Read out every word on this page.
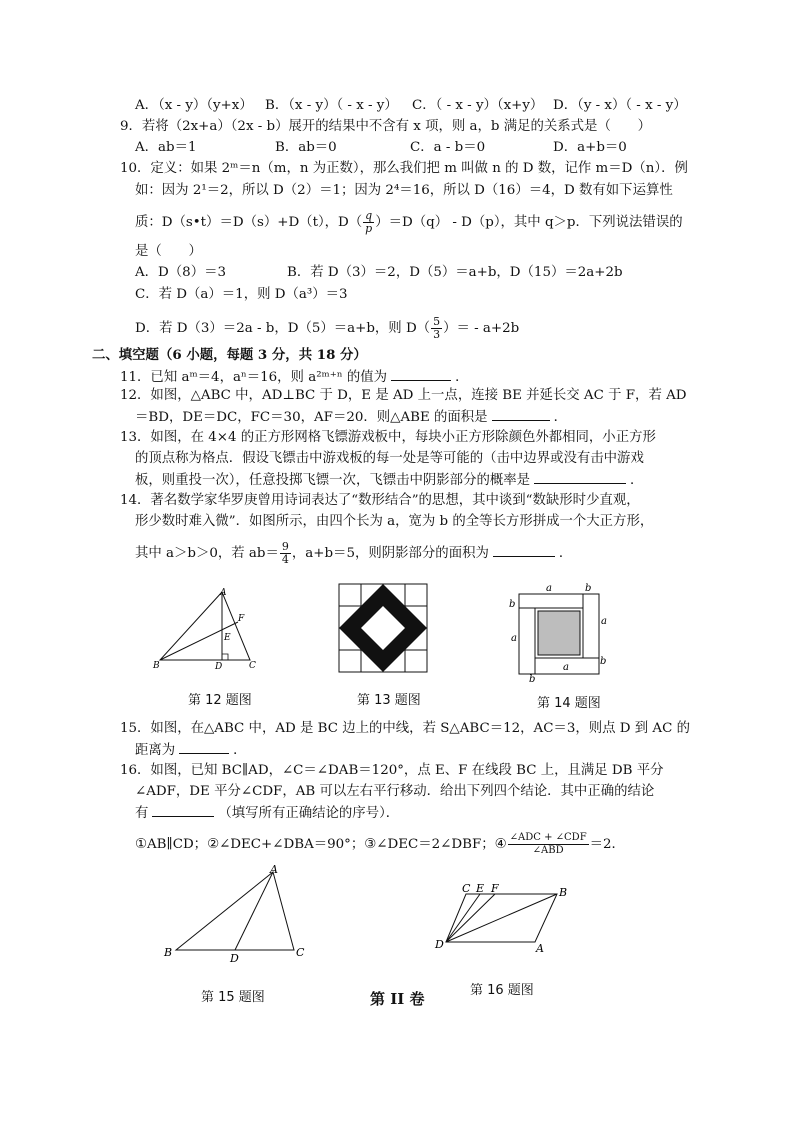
A．（x - y）（y+x） B．（x - y）（ - x - y） C．（ - x - y）（x+y） D．（y - x）（ - x - y）
9．若将（2x+a）（2x - b）展开的结果中不含有 x 项，则 a，b 满足的关系式是（　　）
A．ab＝1	B．ab＝0	C．a - b＝0	D．a+b＝0
10．定义：如果 2ᵐ＝n（m，n 为正数），那么我们把 m 叫做 n 的 D 数，记作 m＝D（n）．例
如：因为 2¹＝2，所以 D（2）＝1；因为 2⁴＝16，所以 D（16）＝4，D 数有如下运算性
质：D（s•t）＝D（s）+D（t），$D( \frac{q}{p} )=D(q) - D(p)$，其中 q＞p．下列说法错误的
是（　　）
A．D（8）＝3	B．若 D（3）＝2，D（5）＝a+b，D（15）＝2a+2b
C．若 D（a）＝1，则 D（a³）＝3
D．若 D（3）＝2a - b，D（5）＝a+b，则 $D( \frac{5}{3}$ ）＝ - a+2b
二、填空题（6 小题，每题 3 分，共 18 分）
11．已知 aᵐ＝4，aⁿ＝16，则 a²ᵐ⁺ⁿ 的值为	．
12．如图，△ABC 中，AD⊥BC 于 D，E 是 AD 上一点，连接 BE 并延长交 AC 于 F，若 AD
＝BD，DE＝DC，FC＝30，AF＝20．则△ABE 的面积是	．
13．如图，在 4×4 的正方形网格飞镖游戏板中，每块小正方形除颜色外都相同，小正方形
的顶点称为格点．假设飞镖击中游戏板的每一处是等可能的（击中边界或没有击中游戏
板，则重投一次），任意投掷飞镖一次，飞镖击中阴影部分的概率是	．
14．著名数学家华罗庚曾用诗词表达了“数形结合”的思想，其中谈到“数缺形时少直观，
形少数时难入微”．如图所示，由四个长为 a，宽为 b 的全等长方形拼成一个大正方形，
其中 a＞b＞0，若 $ab= \frac{9}{4}$ ，a+b＝5，则阴影部分的面积为	．
A
B	C
D
E
F
第 12 题图	第 13 题图
a	b
b
a
a
b
a
b
第 14 题图
15．如图，在△ABC 中，AD 是 BC 边上的中线，若 S△ABC＝12，AC＝3，则点 D 到 AC 的
距离为	．
16．如图，已知 BC∥AD，∠C＝∠DAB＝120°，点 E、F 在线段 BC 上，且满足 DB 平分
∠ADF，DE 平分∠CDF，AB 可以左右平行移动．给出下列四个结论．其中正确的结论
有	（填写所有正确结论的序号）．
①AB∥CD；②∠DEC+∠DBA＝90°；③∠DEC＝2∠DBF；④ $\frac{\text{∠ADC + ∠CDF}}{\text{∠ABD}} =2$．
A
B	C
D
第 15 题图	第 II 卷
C E F	B
D	A
第 16 题图
